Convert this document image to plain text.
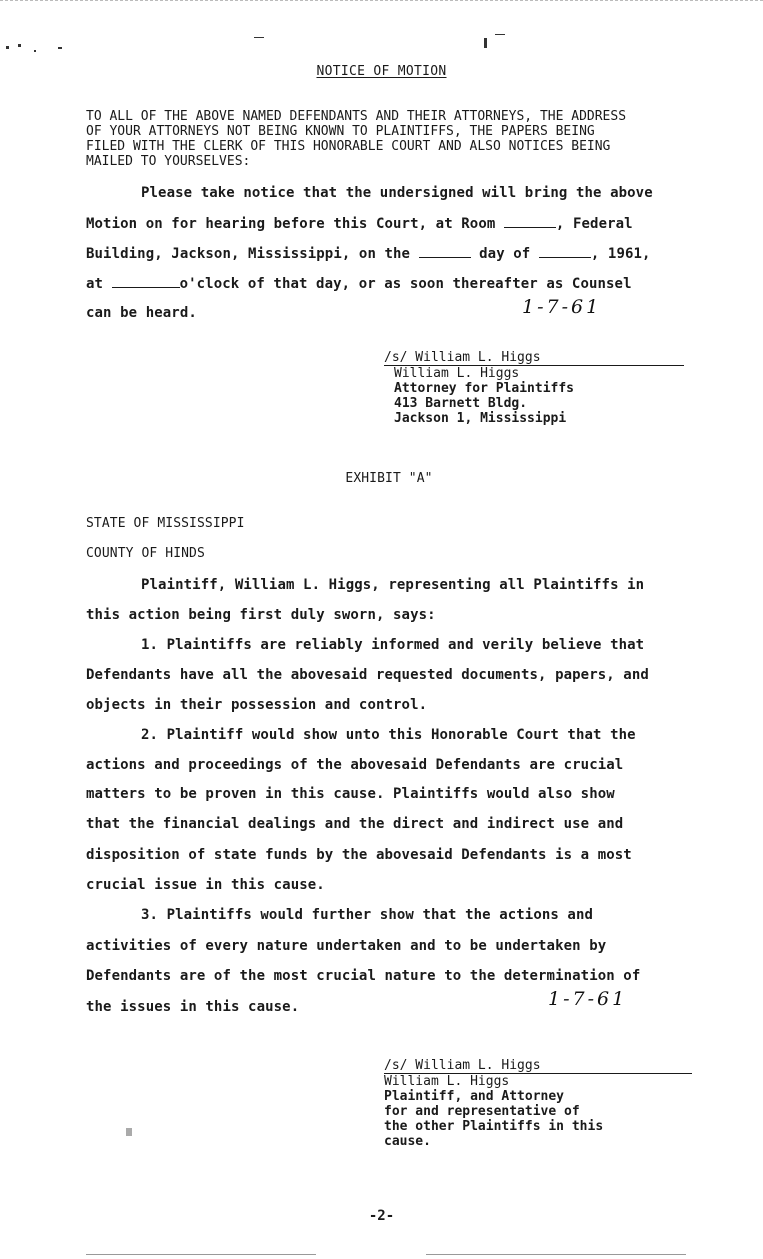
NOTICE OF MOTION
TO ALL OF THE ABOVE NAMED DEFENDANTS AND THEIR ATTORNEYS, THE ADDRESS
OF YOUR ATTORNEYS NOT BEING KNOWN TO PLAINTIFFS, THE PAPERS BEING
FILED WITH THE CLERK OF THIS HONORABLE COURT AND ALSO NOTICES BEING
MAILED TO YOURSELVES:
Please take notice that the undersigned will bring the above
Motion on for hearing before this Court, at Room	, Federal
Building, Jackson, Mississippi, on the	day of	, 1961,
at	o'clock of that day, or as soon thereafter as Counsel
can be heard.	1-7-61
/s/ William L. Higgs
William L. Higgs
Attorney for Plaintiffs
413 Barnett Bldg.
Jackson 1, Mississippi
EXHIBIT "A"
STATE OF MISSISSIPPI
COUNTY OF HINDS
Plaintiff, William L. Higgs, representing all Plaintiffs in
this action being first duly sworn, says:
1. Plaintiffs are reliably informed and verily believe that
Defendants have all the abovesaid requested documents, papers, and
objects in their possession and control.
2. Plaintiff would show unto this Honorable Court that the
actions and proceedings of the abovesaid Defendants are crucial
matters to be proven in this cause. Plaintiffs would also show
that the financial dealings and the direct and indirect use and
disposition of state funds by the abovesaid Defendants is a most
crucial issue in this cause.
3. Plaintiffs would further show that the actions and
activities of every nature undertaken and to be undertaken by
Defendants are of the most crucial nature to the determination of
the issues in this cause.	1-7-61
/s/ William L. Higgs
William L. Higgs
Plaintiff, and Attorney
for and representative of
the other Plaintiffs in this
cause.
-2-
